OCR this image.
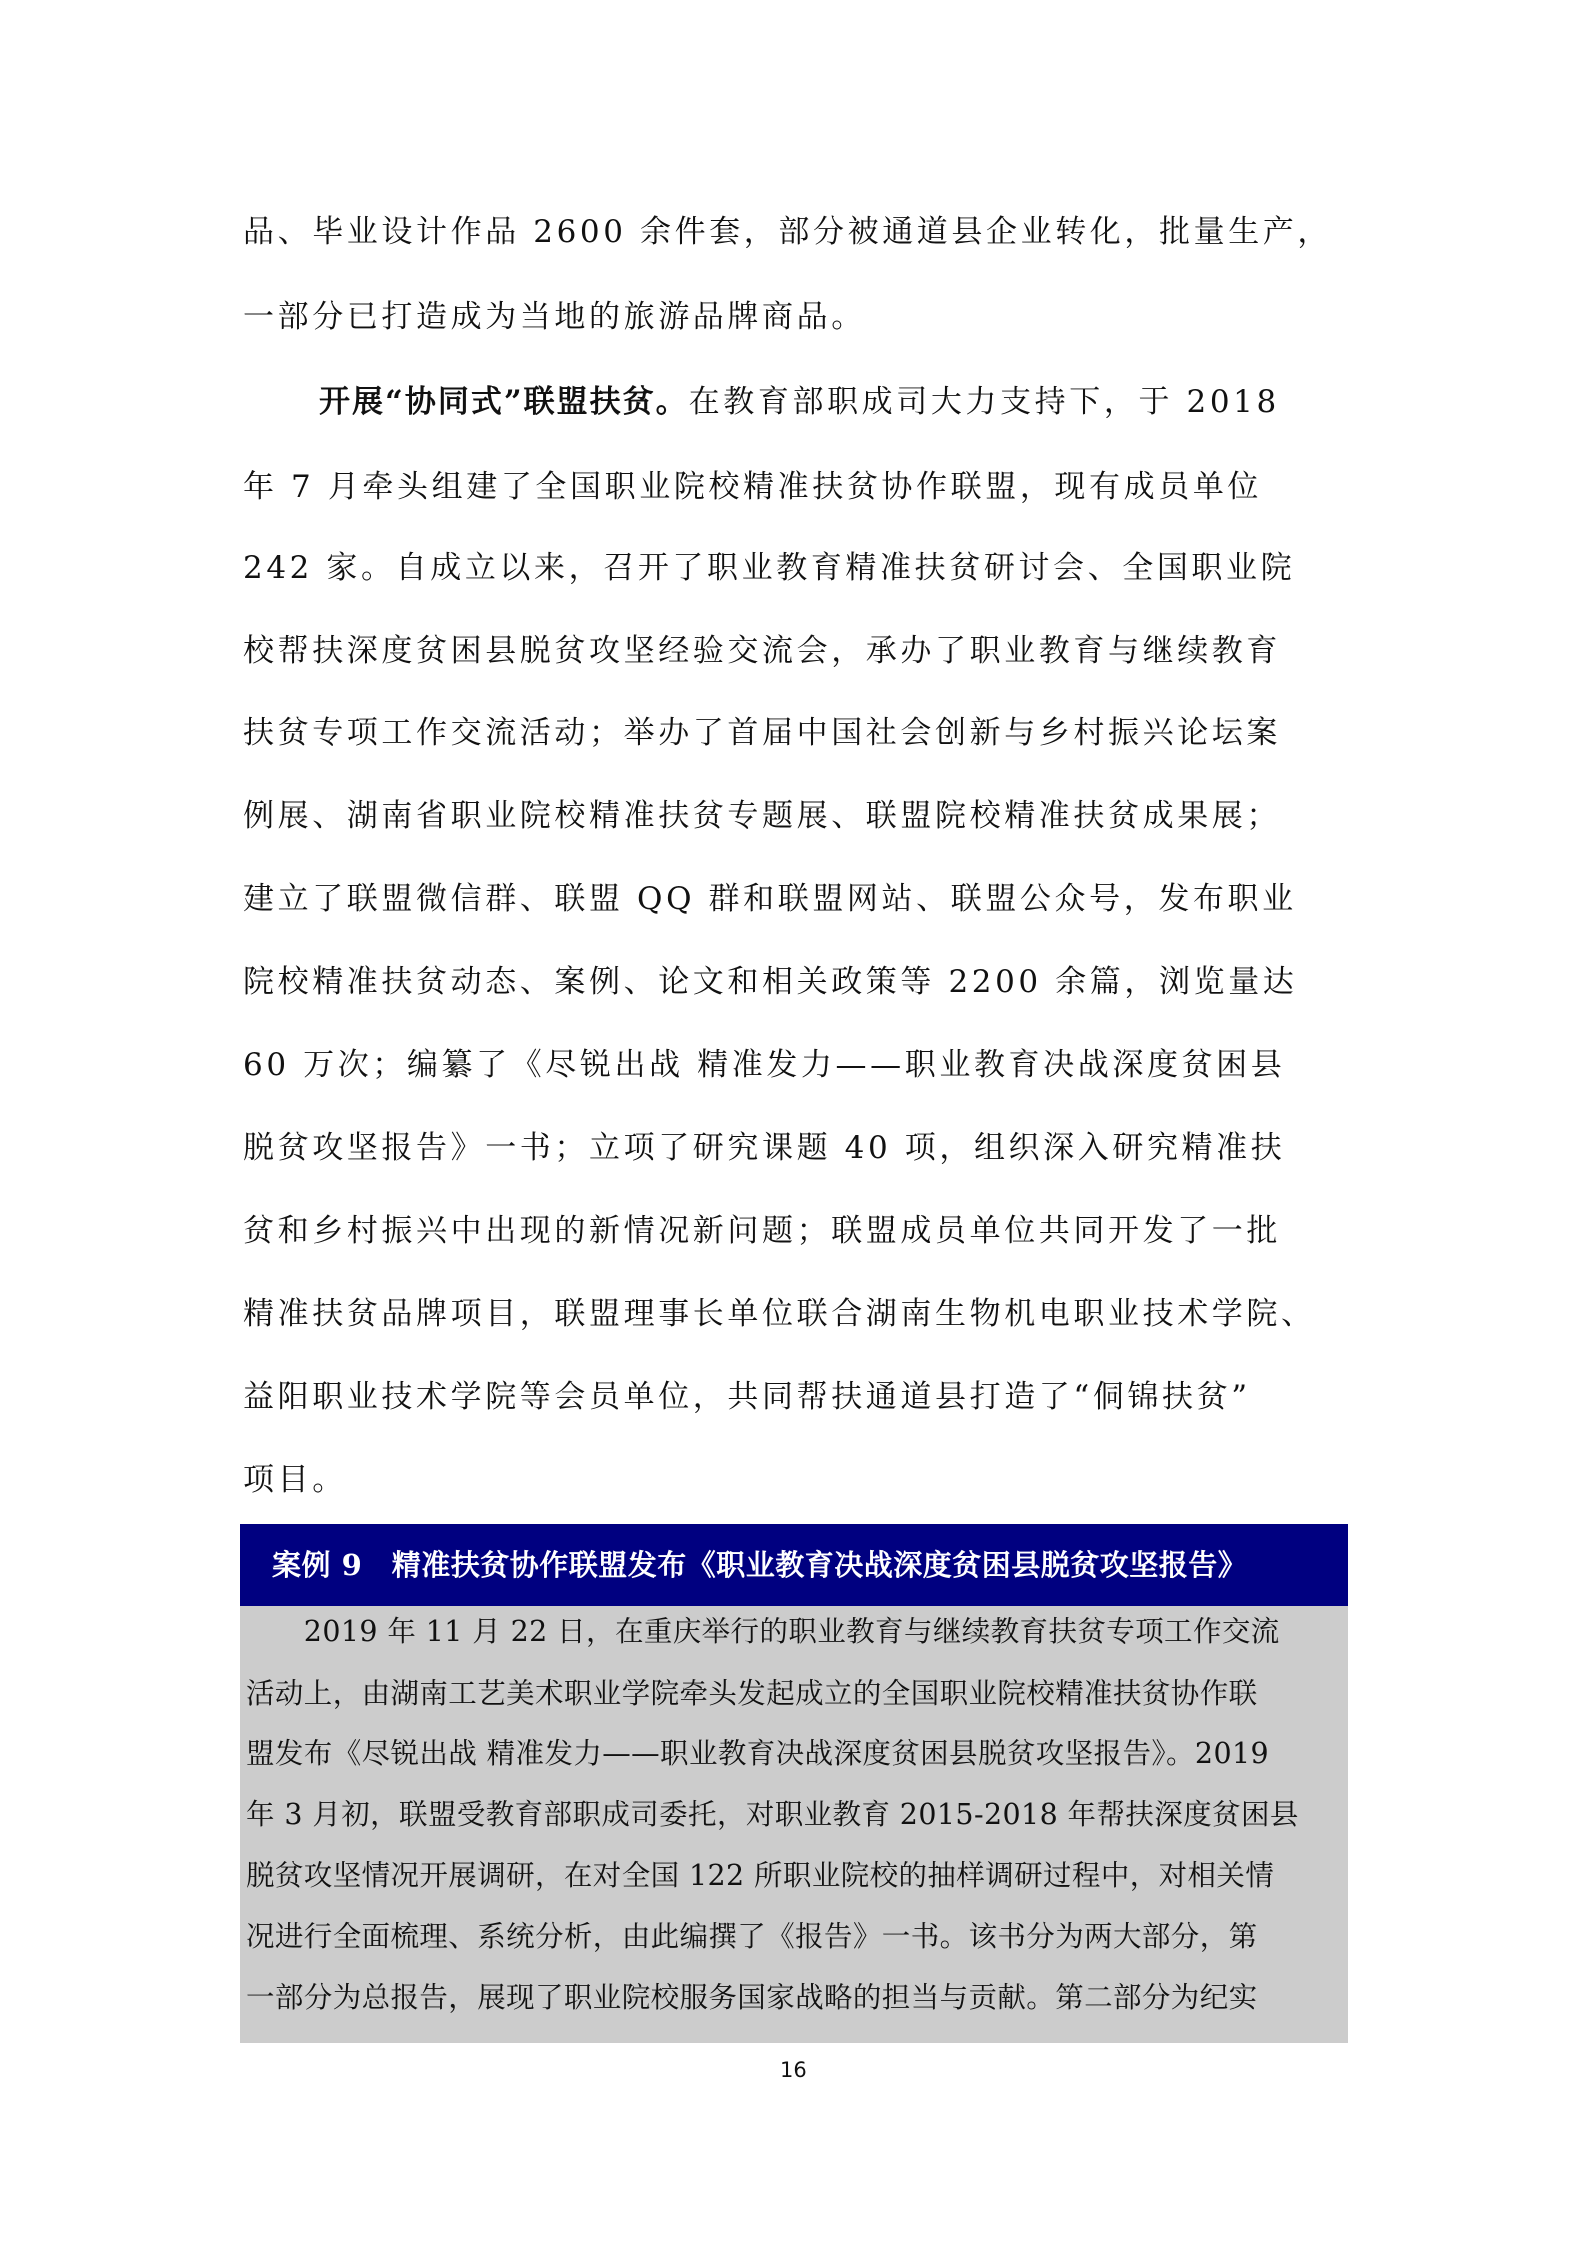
品、毕业设计作品 2600 余件套，部分被通道县企业转化，批量生产，
一部分已打造成为当地的旅游品牌商品。
开展“协同式”联盟扶贫。在教育部职成司大力支持下，于 2018
年 7 月牵头组建了全国职业院校精准扶贫协作联盟，现有成员单位
242 家。自成立以来，召开了职业教育精准扶贫研讨会、全国职业院
校帮扶深度贫困县脱贫攻坚经验交流会，承办了职业教育与继续教育
扶贫专项工作交流活动；举办了首届中国社会创新与乡村振兴论坛案
例展、湖南省职业院校精准扶贫专题展、联盟院校精准扶贫成果展；
建立了联盟微信群、联盟 QQ 群和联盟网站、联盟公众号，发布职业
院校精准扶贫动态、案例、论文和相关政策等 2200 余篇，浏览量达
60 万次；编纂了《尽锐出战 精准发力——职业教育决战深度贫困县
脱贫攻坚报告》一书；立项了研究课题 40 项，组织深入研究精准扶
贫和乡村振兴中出现的新情况新问题；联盟成员单位共同开发了一批
精准扶贫品牌项目，联盟理事长单位联合湖南生物机电职业技术学院、
益阳职业技术学院等会员单位，共同帮扶通道县打造了“侗锦扶贫”
项目。
案例 9　精准扶贫协作联盟发布《职业教育决战深度贫困县脱贫攻坚报告》
　　2019 年 11 月 22 日，在重庆举行的职业教育与继续教育扶贫专项工作交流
活动上，由湖南工艺美术职业学院牵头发起成立的全国职业院校精准扶贫协作联
盟发布《尽锐出战 精准发力——职业教育决战深度贫困县脱贫攻坚报告》。2019
年 3 月初，联盟受教育部职成司委托，对职业教育 2015-2018 年帮扶深度贫困县
脱贫攻坚情况开展调研，在对全国 122 所职业院校的抽样调研过程中，对相关情
况进行全面梳理、系统分析，由此编撰了《报告》一书。该书分为两大部分，第
一部分为总报告，展现了职业院校服务国家战略的担当与贡献。第二部分为纪实
16
